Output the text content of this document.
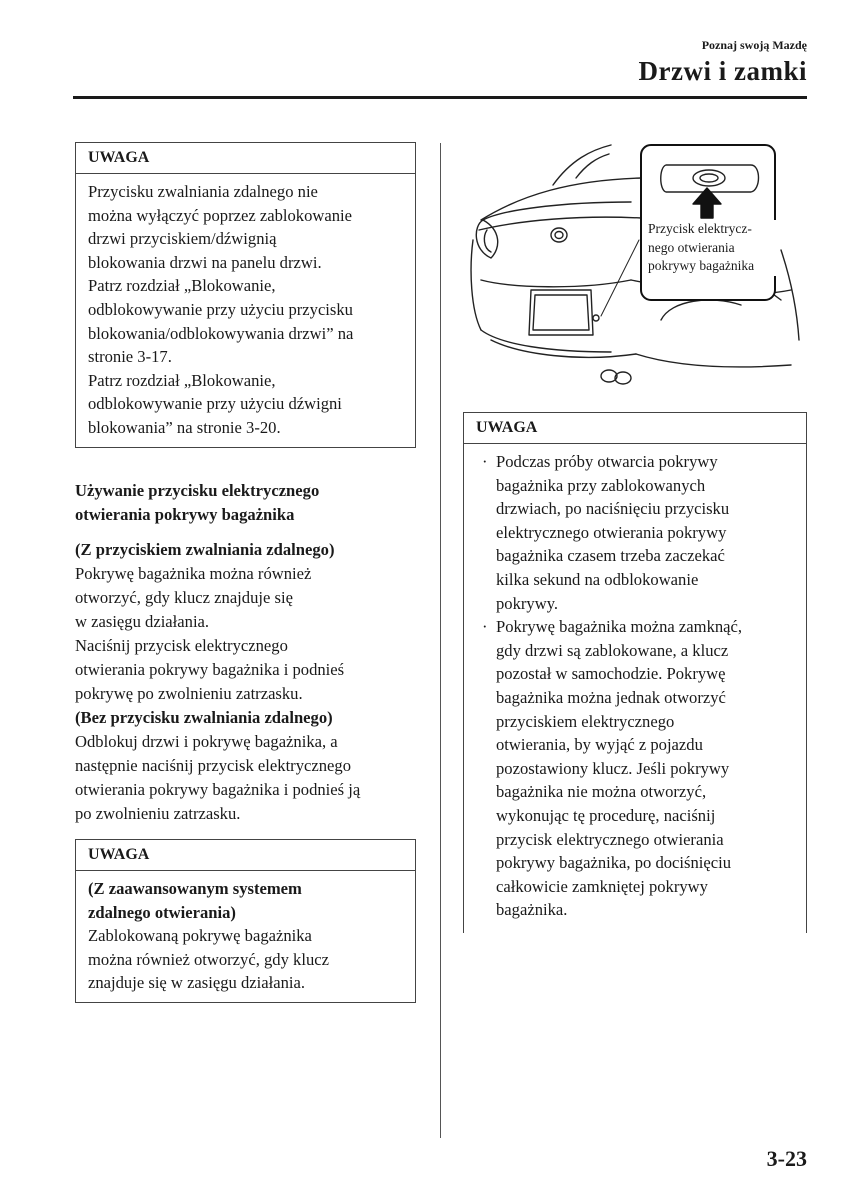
Poznaj swoją Mazdę
Drzwi i zamki
UWAGA
Przycisku zwalniania zdalnego nie
można wyłączyć poprzez zablokowanie
drzwi przyciskiem/dźwignią
blokowania drzwi na panelu drzwi.
Patrz rozdział „Blokowanie,
odblokowywanie przy użyciu przycisku
blokowania/odblokowywania drzwi” na
stronie 3-17.
Patrz rozdział „Blokowanie,
odblokowywanie przy użyciu dźwigni
blokowania” na stronie 3-20.
Używanie przycisku elektrycznego
otwierania pokrywy bagażnika
(Z przyciskiem zwalniania zdalnego)
Pokrywę bagażnika można również
otworzyć, gdy klucz znajduje się
w zasięgu działania.
Naciśnij przycisk elektrycznego
otwierania pokrywy bagażnika i podnieś
pokrywę po zwolnieniu zatrzasku.
(Bez przycisku zwalniania zdalnego)
Odblokuj drzwi i pokrywę bagażnika, a
następnie naciśnij przycisk elektrycznego
otwierania pokrywy bagażnika i podnieś ją
po zwolnieniu zatrzasku.
UWAGA
(Z zaawansowanym systemem
zdalnego otwierania)
Zablokowaną pokrywę bagażnika
można również otworzyć, gdy klucz
znajduje się w zasięgu działania.
Przycisk elektrycz-
nego otwierania
pokrywy bagażnika
UWAGA
· Podczas próby otwarcia pokrywy
bagażnika przy zablokowanych
drzwiach, po naciśnięciu przycisku
elektrycznego otwierania pokrywy
bagażnika czasem trzeba zaczekać
kilka sekund na odblokowanie
pokrywy.
· Pokrywę bagażnika można zamknąć,
gdy drzwi są zablokowane, a klucz
pozostał w samochodzie. Pokrywę
bagażnika można jednak otworzyć
przyciskiem elektrycznego
otwierania, by wyjąć z pojazdu
pozostawiony klucz. Jeśli pokrywy
bagażnika nie można otworzyć,
wykonując tę procedurę, naciśnij
przycisk elektrycznego otwierania
pokrywy bagażnika, po dociśnięciu
całkowicie zamkniętej pokrywy
bagażnika.
3-23
